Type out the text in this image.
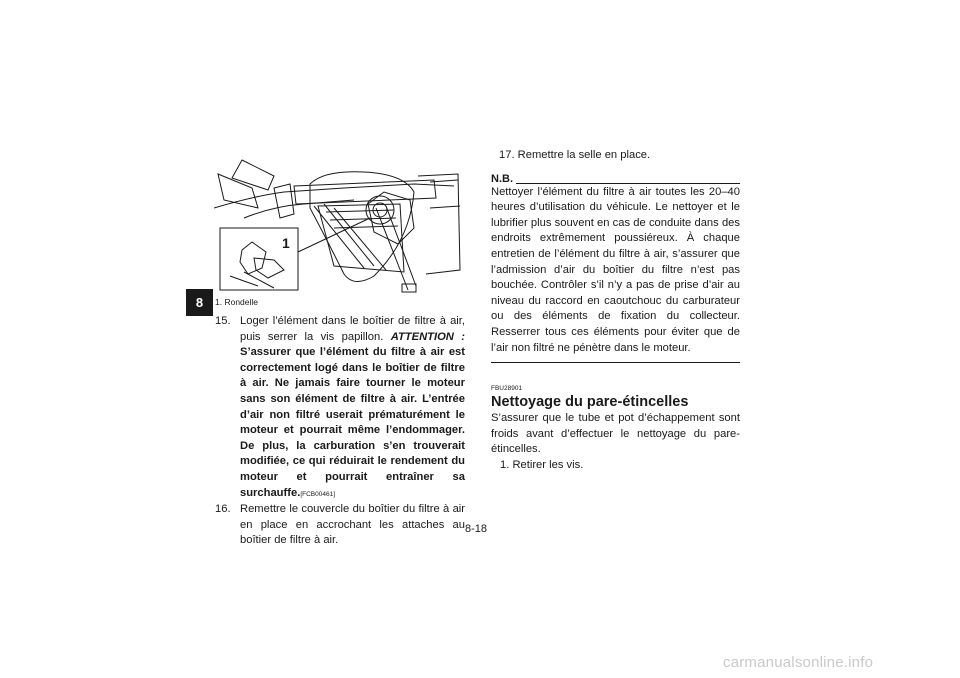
8
1
1. Rondelle
15. Loger l’élément dans le boîtier de filtre à air, puis serrer la vis papillon. ATTENTION : S’assurer que l’élément du filtre à air est correctement logé dans le boîtier de filtre à air. Ne jamais faire tourner le moteur sans son élément de filtre à air. L’entrée d’air non filtré userait prématurément le moteur et pourrait même l’endommager. De plus, la carburation s’en trouverait modifiée, ce qui réduirait le rendement du moteur et pourrait entraîner sa surchauffe.[FCB00461]
16. Remettre le couvercle du boîtier du filtre à air en place en accrochant les attaches au boîtier de filtre à air.
17. Remettre la selle en place.
N.B.
Nettoyer l’élément du filtre à air toutes les 20–40 heures d’utilisation du véhicule. Le nettoyer et le lubrifier plus souvent en cas de conduite dans des endroits extrêmement poussiéreux. À chaque entretien de l’élément du filtre à air, s’assurer que l’admission d’air du boîtier du filtre n’est pas bouchée. Contrôler s’il n’y a pas de prise d’air au niveau du raccord en caoutchouc du carburateur ou des éléments de fixation du collecteur. Resserrer tous ces éléments pour éviter que de l’air non filtré ne pénètre dans le moteur.
FBU28901
Nettoyage du pare-étincelles
S’assurer que le tube et pot d’échappement sont froids avant d’effectuer le nettoyage du pare-étincelles.
1. Retirer les vis.
8-18
carmanualsonline.info
